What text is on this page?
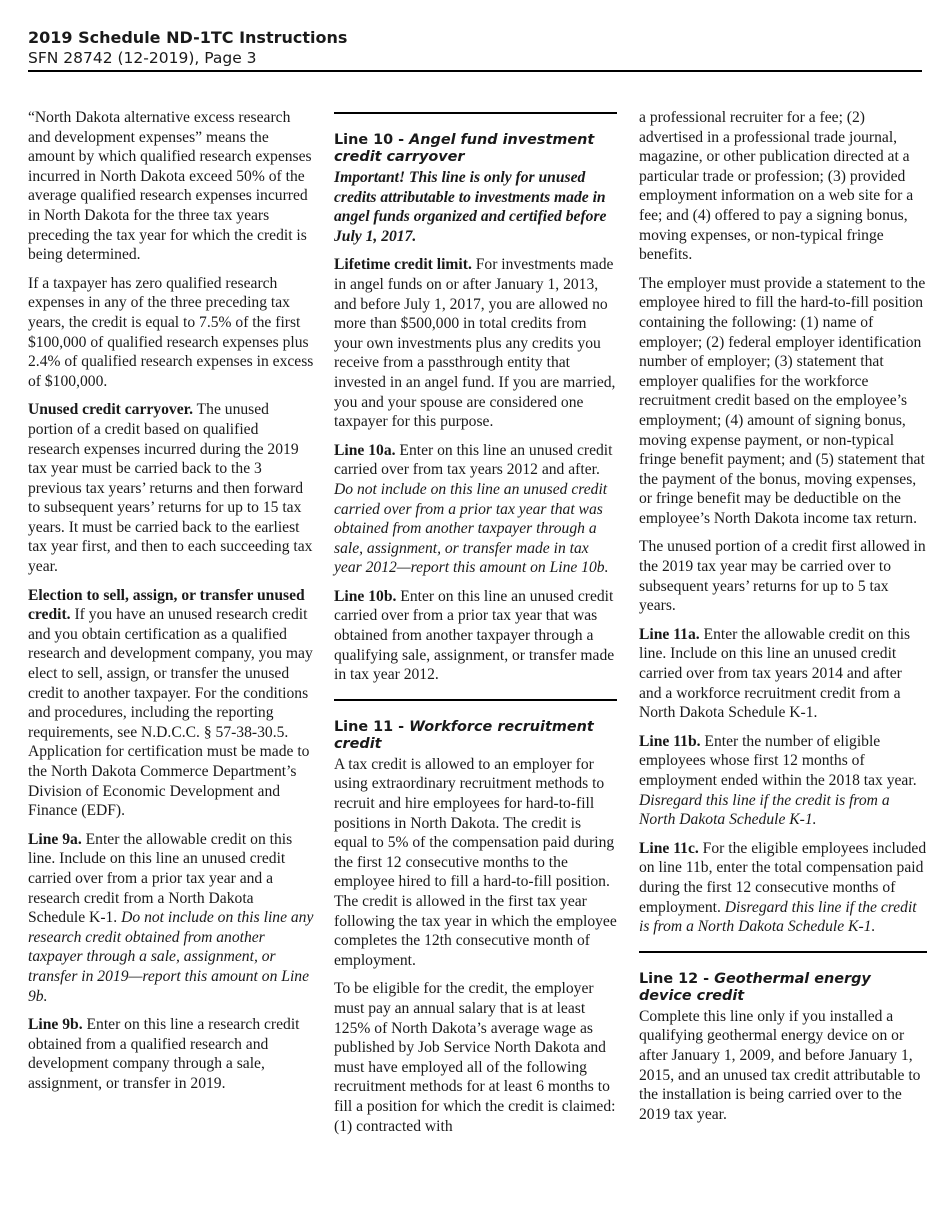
2019 Schedule ND-1TC Instructions
SFN 28742 (12-2019), Page 3

“North Dakota alternative excess research and development expenses” means the amount by which qualified research expenses incurred in North Dakota exceed 50% of the average qualified research expenses incurred in North Dakota for the three tax years preceding the tax year for which the credit is being determined.

If a taxpayer has zero qualified research expenses in any of the three preceding tax years, the credit is equal to 7.5% of the first $100,000 of qualified research expenses plus 2.4% of qualified research expenses in excess of $100,000.

Unused credit carryover. The unused portion of a credit based on qualified research expenses incurred during the 2019 tax year must be carried back to the 3 previous tax years’ returns and then forward to subsequent years’ returns for up to 15 tax years. It must be carried back to the earliest tax year first, and then to each succeeding tax year.

Election to sell, assign, or transfer unused credit. If you have an unused research credit and you obtain certification as a qualified research and development company, you may elect to sell, assign, or transfer the unused credit to another taxpayer. For the conditions and procedures, including the reporting requirements, see N.D.C.C. § 57-38-30.5. Application for certification must be made to the North Dakota Commerce Department’s Division of Economic Development and Finance (EDF).

Line 9a. Enter the allowable credit on this line. Include on this line an unused credit carried over from a prior tax year and a research credit from a North Dakota Schedule K-1. Do not include on this line any research credit obtained from another taxpayer through a sale, assignment, or transfer in 2019—report this amount on Line 9b.

Line 9b. Enter on this line a research credit obtained from a qualified research and development company through a sale, assignment, or transfer in 2019.

Line 10 - Angel fund investment credit carryover

Important! This line is only for unused credits attributable to investments made in angel funds organized and certified before July 1, 2017.

Lifetime credit limit. For investments made in angel funds on or after January 1, 2013, and before July 1, 2017, you are allowed no more than $500,000 in total credits from your own investments plus any credits you receive from a passthrough entity that invested in an angel fund. If you are married, you and your spouse are considered one taxpayer for this purpose.

Line 10a. Enter on this line an unused credit carried over from tax years 2012 and after. Do not include on this line an unused credit carried over from a prior tax year that was obtained from another taxpayer through a sale, assignment, or transfer made in tax year 2012—report this amount on Line 10b.

Line 10b. Enter on this line an unused credit carried over from a prior tax year that was obtained from another taxpayer through a qualifying sale, assignment, or transfer made in tax year 2012.

Line 11 - Workforce recruitment credit

A tax credit is allowed to an employer for using extraordinary recruitment methods to recruit and hire employees for hard-to-fill positions in North Dakota. The credit is equal to 5% of the compensation paid during the first 12 consecutive months to the employee hired to fill a hard-to-fill position. The credit is allowed in the first tax year following the tax year in which the employee completes the 12th consecutive month of employment.

To be eligible for the credit, the employer must pay an annual salary that is at least 125% of North Dakota’s average wage as published by Job Service North Dakota and must have employed all of the following recruitment methods for at least 6 months to fill a position for which the credit is claimed: (1) contracted with

a professional recruiter for a fee; (2) advertised in a professional trade journal, magazine, or other publication directed at a particular trade or profession; (3) provided employment information on a web site for a fee; and (4) offered to pay a signing bonus, moving expenses, or non-typical fringe benefits.

The employer must provide a statement to the employee hired to fill the hard-to-fill position containing the following: (1) name of employer; (2) federal employer identification number of employer; (3) statement that employer qualifies for the workforce recruitment credit based on the employee’s employment; (4) amount of signing bonus, moving expense payment, or non-typical fringe benefit payment; and (5) statement that the payment of the bonus, moving expenses, or fringe benefit may be deductible on the employee’s North Dakota income tax return.

The unused portion of a credit first allowed in the 2019 tax year may be carried over to subsequent years’ returns for up to 5 tax years.

Line 11a. Enter the allowable credit on this line. Include on this line an unused credit carried over from tax years 2014 and after and a workforce recruitment credit from a North Dakota Schedule K-1.

Line 11b. Enter the number of eligible employees whose first 12 months of employment ended within the 2018 tax year. Disregard this line if the credit is from a North Dakota Schedule K-1.

Line 11c. For the eligible employees included on line 11b, enter the total compensation paid during the first 12 consecutive months of employment. Disregard this line if the credit is from a North Dakota Schedule K-1.

Line 12 - Geothermal energy device credit

Complete this line only if you installed a qualifying geothermal energy device on or after January 1, 2009, and before January 1, 2015, and an unused tax credit attributable to the installation is being carried over to the 2019 tax year.
